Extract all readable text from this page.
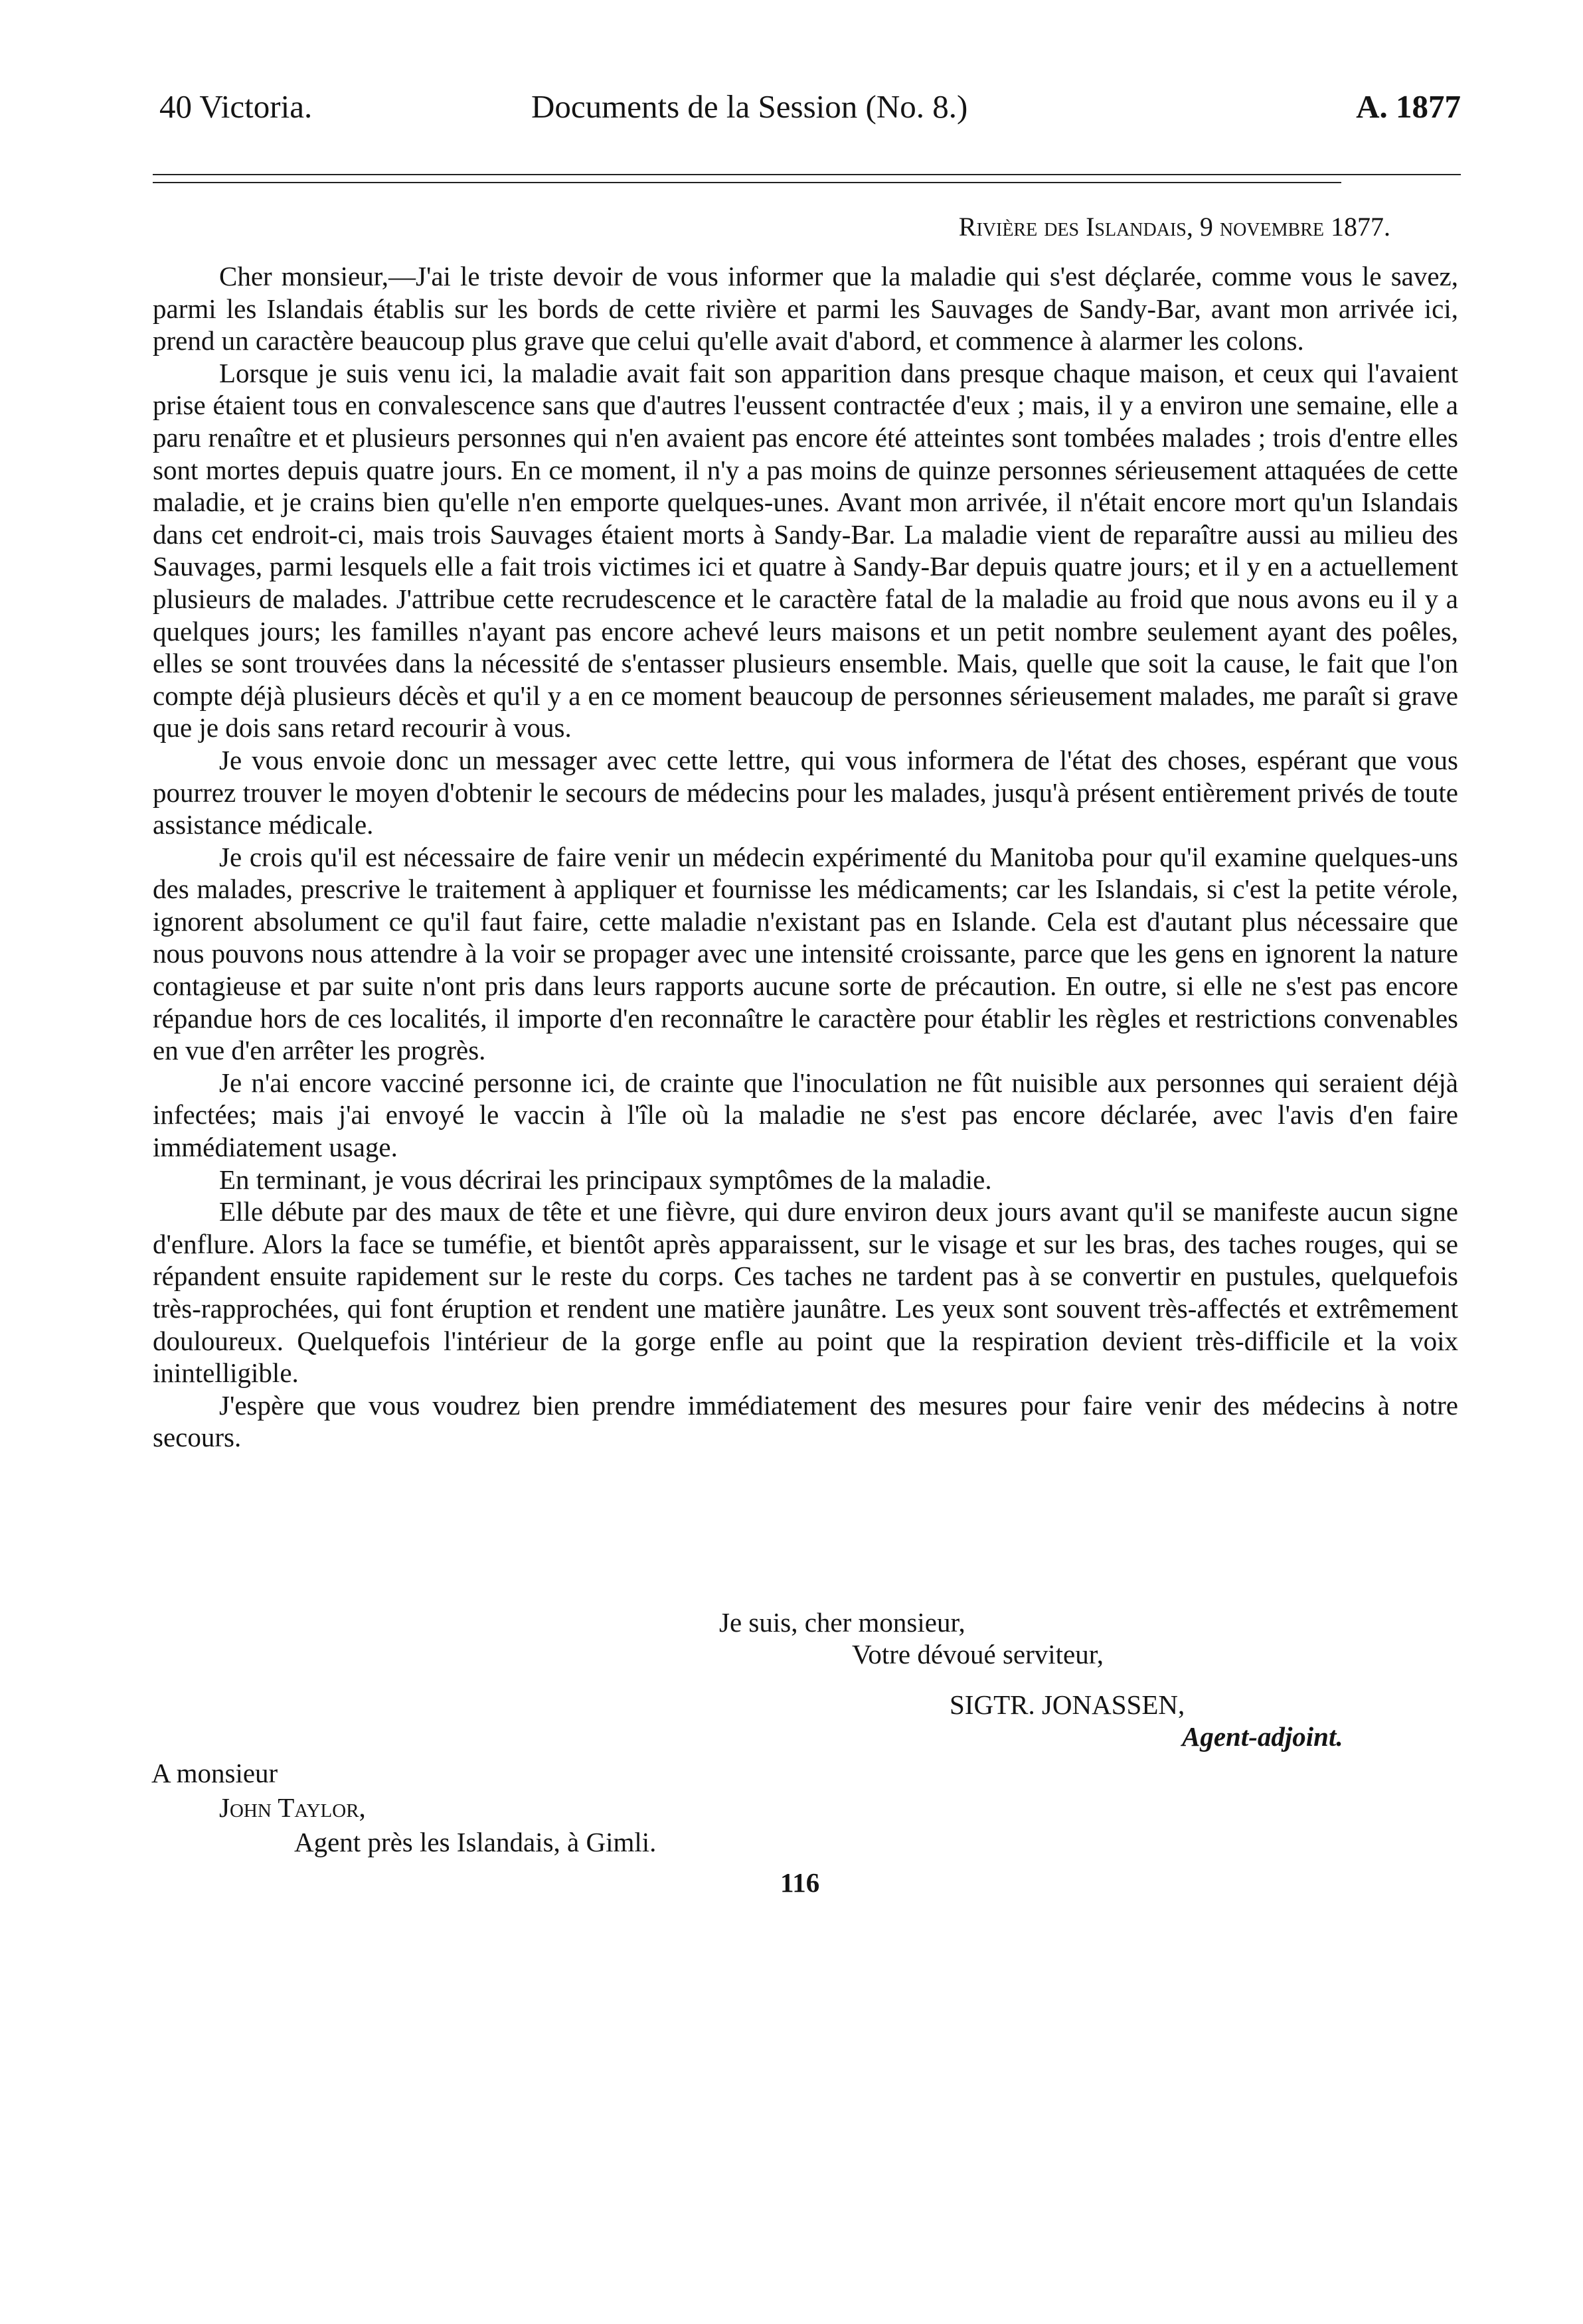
40 Victoria.	Documents de la Session (No. 8.)	A. 1877
Rivière des Islandais, 9 novembre 1877.

Cher monsieur,—J'ai le triste devoir de vous informer que la maladie qui s'est déçlarée, comme vous le savez, parmi les Islandais établis sur les bords de cette rivière et parmi les Sauvages de Sandy-Bar, avant mon arrivée ici, prend un caractère beaucoup plus grave que celui qu'elle avait d'abord, et commence à alarmer les colons.

Lorsque je suis venu ici, la maladie avait fait son apparition dans presque chaque maison, et ceux qui l'avaient prise étaient tous en convalescence sans que d'autres l'eussent contractée d'eux ; mais, il y a environ une semaine, elle a paru renaître et et plusieurs personnes qui n'en avaient pas encore été atteintes sont tombées malades ; trois d'entre elles sont mortes depuis quatre jours. En ce moment, il n'y a pas moins de quinze personnes sérieusement attaquées de cette maladie, et je crains bien qu'elle n'en emporte quelques-unes. Avant mon arrivée, il n'était encore mort qu'un Islandais dans cet endroit-ci, mais trois Sauvages étaient morts à Sandy-Bar. La maladie vient de reparaître aussi au milieu des Sauvages, parmi lesquels elle a fait trois victimes ici et quatre à Sandy-Bar depuis quatre jours; et il y en a actuellement plusieurs de malades. J'attribue cette recrudescence et le caractère fatal de la maladie au froid que nous avons eu il y a quelques jours; les familles n'ayant pas encore achevé leurs maisons et un petit nombre seulement ayant des poêles, elles se sont trouvées dans la nécessité de s'entasser plusieurs ensemble. Mais, quelle que soit la cause, le fait que l'on compte déjà plusieurs décès et qu'il y a en ce moment beaucoup de personnes sérieusement malades, me paraît si grave que je dois sans retard recourir à vous.

Je vous envoie donc un messager avec cette lettre, qui vous informera de l'état des choses, espérant que vous pourrez trouver le moyen d'obtenir le secours de médecins pour les malades, jusqu'à présent entièrement privés de toute assistance médicale.

Je crois qu'il est nécessaire de faire venir un médecin expérimenté du Manitoba pour qu'il examine quelques-uns des malades, prescrive le traitement à appliquer et fournisse les médicaments; car les Islandais, si c'est la petite vérole, ignorent absolument ce qu'il faut faire, cette maladie n'existant pas en Islande. Cela est d'autant plus nécessaire que nous pouvons nous attendre à la voir se propager avec une intensité croissante, parce que les gens en ignorent la nature contagieuse et par suite n'ont pris dans leurs rapports aucune sorte de précaution. En outre, si elle ne s'est pas encore répandue hors de ces localités, il importe d'en reconnaître le caractère pour établir les règles et restrictions convenables en vue d'en arrêter les progrès.

Je n'ai encore vacciné personne ici, de crainte que l'inoculation ne fût nuisible aux personnes qui seraient déjà infectées; mais j'ai envoyé le vaccin à l'île où la maladie ne s'est pas encore déclarée, avec l'avis d'en faire immédiatement usage.

En terminant, je vous décrirai les principaux symptômes de la maladie.

Elle débute par des maux de tête et une fièvre, qui dure environ deux jours avant qu'il se manifeste aucun signe d'enflure. Alors la face se tuméfie, et bientôt après apparaissent, sur le visage et sur les bras, des taches rouges, qui se répandent ensuite rapidement sur le reste du corps. Ces taches ne tardent pas à se convertir en pustules, quelquefois très-rapprochées, qui font éruption et rendent une matière jaunâtre. Les yeux sont souvent très-affectés et extrêmement douloureux. Quelquefois l'intérieur de la gorge enfle au point que la respiration devient très-difficile et la voix inintelligible.

J'espère que vous voudrez bien prendre immédiatement des mesures pour faire venir des médecins à notre secours.

Je suis, cher monsieur,
Votre dévoué serviteur,
SIGTR. JONASSEN,
Agent-adjoint.
A monsieur
John Taylor,
Agent près les Islandais, à Gimli.
116
